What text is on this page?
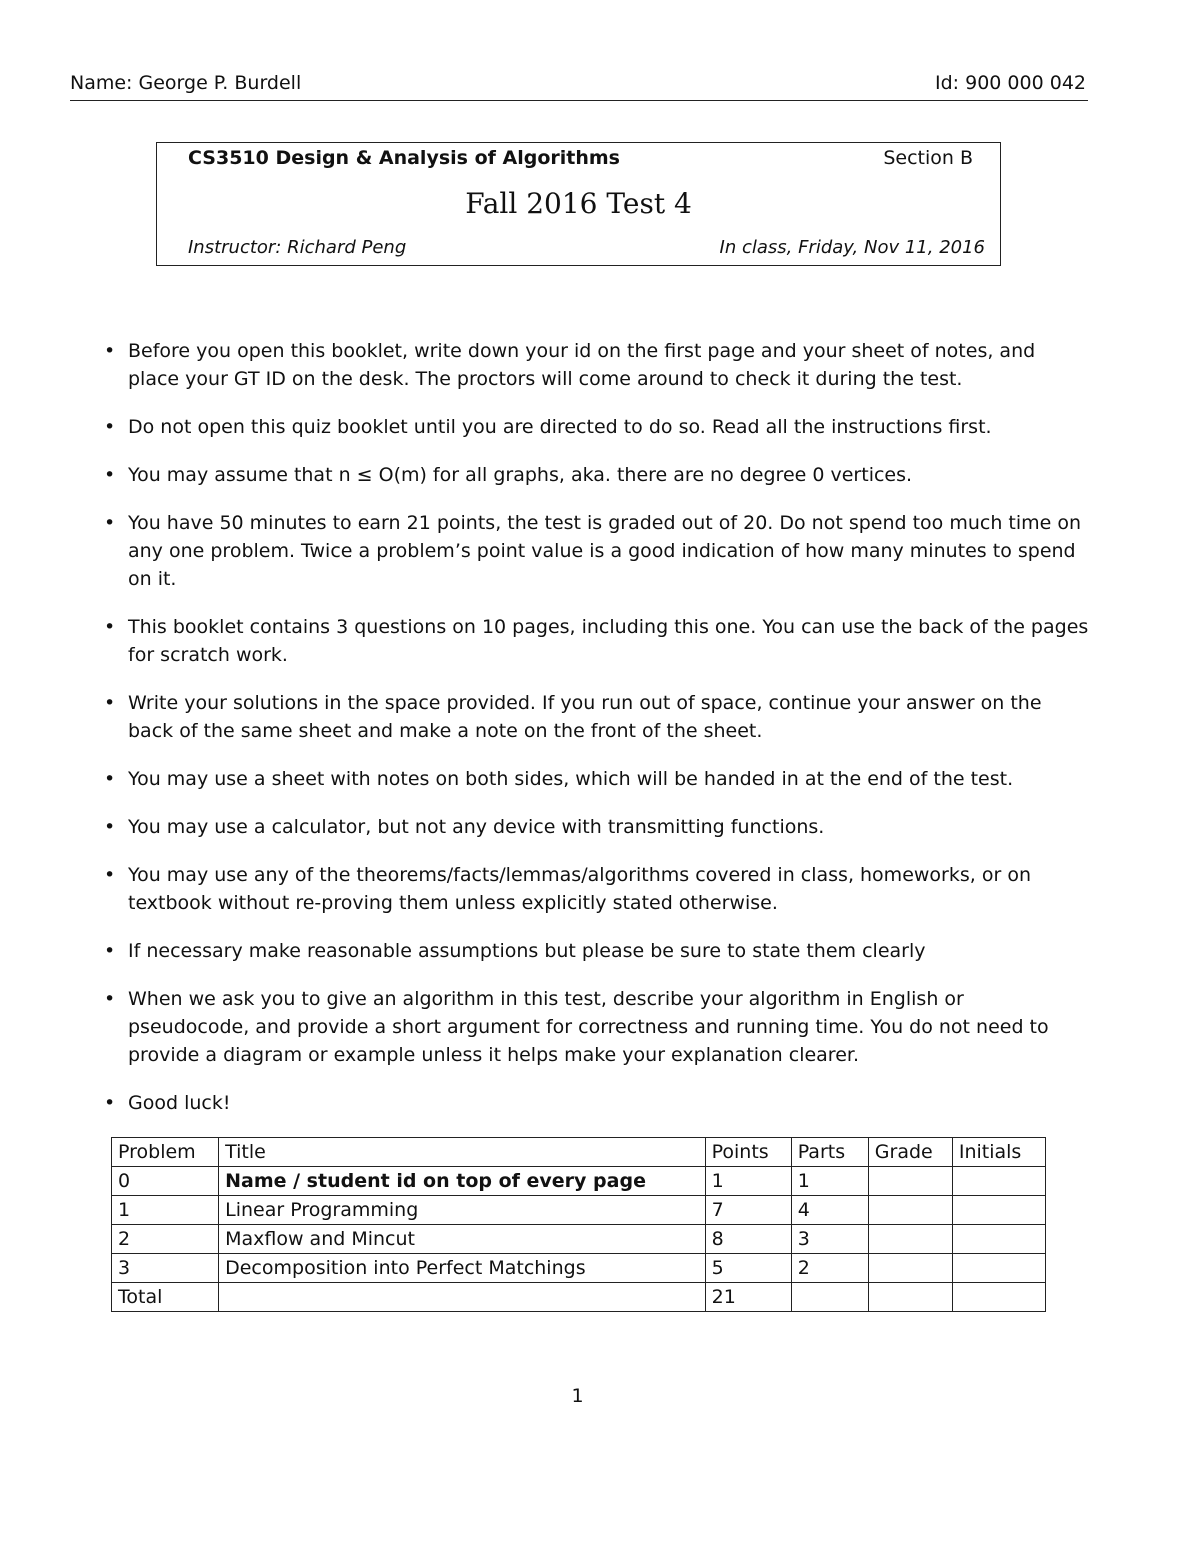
Name: George P. Burdell	Id: 900 000 042
CS3510 Design & Analysis of Algorithms	Section B
Fall 2016 Test 4
Instructor: Richard Peng	In class, Friday, Nov 11, 2016
• Before you open this booklet, write down your id on the first page and your sheet of notes, and place your GT ID on the desk. The proctors will come around to check it during the test.
• Do not open this quiz booklet until you are directed to do so. Read all the instructions first.
• You may assume that n ≤ O(m) for all graphs, aka. there are no degree 0 vertices.
• You have 50 minutes to earn 21 points, the test is graded out of 20. Do not spend too much time on any one problem. Twice a problem’s point value is a good indication of how many minutes to spend on it.
• This booklet contains 3 questions on 10 pages, including this one. You can use the back of the pages for scratch work.
• Write your solutions in the space provided. If you run out of space, continue your answer on the back of the same sheet and make a note on the front of the sheet.
• You may use a sheet with notes on both sides, which will be handed in at the end of the test.
• You may use a calculator, but not any device with transmitting functions.
• You may use any of the theorems/facts/lemmas/algorithms covered in class, homeworks, or on textbook without re-proving them unless explicitly stated otherwise.
• If necessary make reasonable assumptions but please be sure to state them clearly
• When we ask you to give an algorithm in this test, describe your algorithm in English or pseudocode, and provide a short argument for correctness and running time. You do not need to provide a diagram or example unless it helps make your explanation clearer.
• Good luck!
Problem	Title	Points	Parts	Grade	Initials
0	Name / student id on top of every page	1	1		
1	Linear Programming	7	4		
2	Maxflow and Mincut	8	3		
3	Decomposition into Perfect Matchings	5	2		
Total		21			
1
